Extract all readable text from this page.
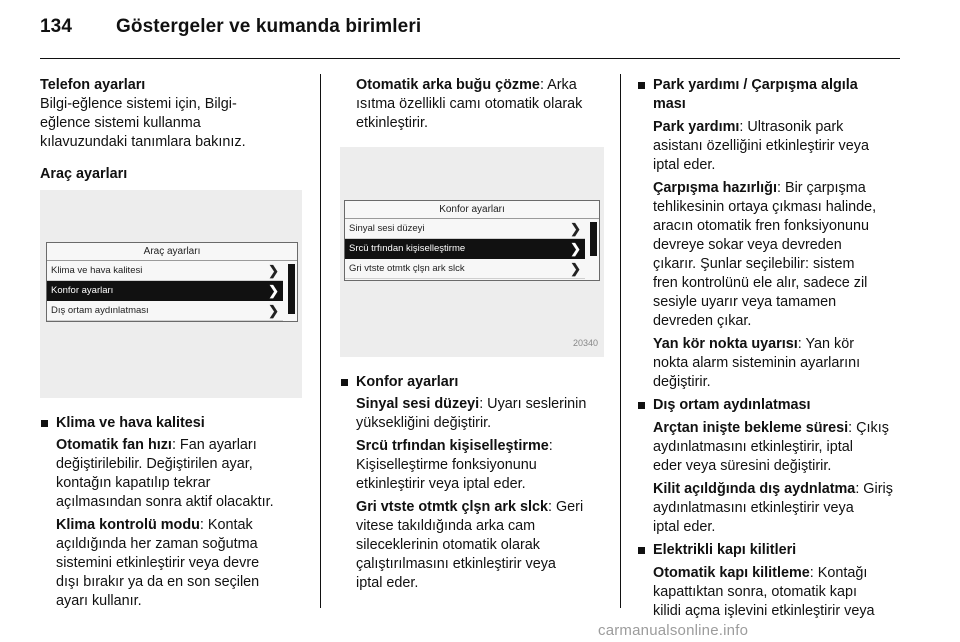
134 Göstergeler ve kumanda birimleri

Telefon ayarları

Bilgi-eğlence sistemi için, Bilgi-

eğlence sistemi kullanma

kılavuzundaki tanımlara bakınız.

Araç ayarları

Araç ayarları
Klima ve hava kalitesi	❯
Konfor ayarları	❯
Dış ortam aydınlatması	❯
Klima ve hava kalitesi

Otomatik fan hızı: Fan ayarları

değiştirilebilir. Değiştirilen ayar,

kontağın kapatılıp tekrar

açılmasından sonra aktif olacaktır.

Klima kontrolü modu: Kontak

açıldığında her zaman soğutma

sistemini etkinleştirir veya devre

dışı bırakır ya da en son seçilen

ayarı kullanır.

Otomatik arka buğu çözme: Arka

ısıtma özellikli camı otomatik olarak

etkinleştirir.

Konfor ayarları
Sinyal sesi düzeyi	❯
Srcü trfından kişiselleştirme	❯
Gri vtste otmtk çlşn ark slck	❯
20340
Konfor ayarları

Sinyal sesi düzeyi: Uyarı seslerinin

yüksekliğini değiştirir.

Srcü trfından kişiselleştirme:

Kişiselleştirme fonksiyonunu

etkinleştirir veya iptal eder.

Gri vtste otmtk çlşn ark slck: Geri

vitese takıldığında arka cam

sileceklerinin otomatik olarak

çalıştırılmasını etkinleştirir veya

iptal eder.

Park yardımı / Çarpışma algıla

ması

Park yardımı: Ultrasonik park

asistanı özelliğini etkinleştirir veya

iptal eder.

Çarpışma hazırlığı: Bir çarpışma

tehlikesinin ortaya çıkması halinde,

aracın otomatik fren fonksiyonunu

devreye sokar veya devreden

çıkarır. Şunlar seçilebilir: sistem

fren kontrolünü ele alır, sadece zil

sesiyle uyarır veya tamamen

devreden çıkar.

Yan kör nokta uyarısı: Yan kör

nokta alarm sisteminin ayarlarını

değiştirir.

Dış ortam aydınlatması

Arçtan inişte bekleme süresi: Çıkış

aydınlatmasını etkinleştirir, iptal

eder veya süresini değiştirir.

Kilit açıldğında dış aydnlatma: Giriş

aydınlatmasını etkinleştirir veya

iptal eder.

Elektrikli kapı kilitleri

Otomatik kapı kilitleme: Kontağı

kapattıktan sonra, otomatik kapı

kilidi açma işlevini etkinleştirir veya

carmanualsonline.info
